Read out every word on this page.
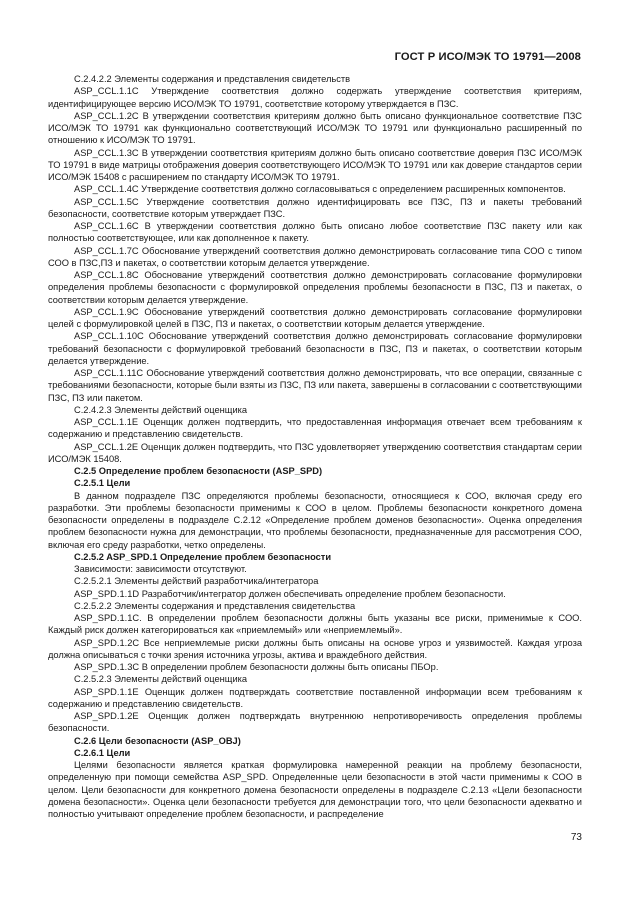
ГОСТ Р ИСО/МЭК ТО 19791—2008

C.2.4.2.2 Элементы содержания и представления свидетельств

ASP_CCL.1.1C Утверждение соответствия должно содержать утверждение соответствия критериям, идентифицирующее версию ИСО/МЭК ТО 19791, соответствие которому утверждается в ПЗС.

ASP_CCL.1.2C В утверждении соответствия критериям должно быть описано функциональное соответствие ПЗС ИСО/МЭК ТО 19791 как функционально соответствующий ИСО/МЭК ТО 19791 или функционально расширенный по отношению к ИСО/МЭК ТО 19791.

ASP_CCL.1.3C В утверждении соответствия критериям должно быть описано соответствие доверия ПЗС ИСО/МЭК ТО 19791 в виде матрицы отображения доверия соответствующего ИСО/МЭК ТО 19791 или как доверие стандартов серии ИСО/МЭК 15408 с расширением по стандарту ИСО/МЭК ТО 19791.

ASP_CCL.1.4C Утверждение соответствия должно согласовываться с определением расширенных компонентов.

ASP_CCL.1.5C Утверждение соответствия должно идентифицировать все ПЗС, ПЗ и пакеты требований безопасности, соответствие которым утверждает ПЗС.

ASP_CCL.1.6C В утверждении соответствия должно быть описано любое соответствие ПЗС пакету или как полностью соответствующее, или как дополненное к пакету.

ASP_CCL.1.7C Обоснование утверждений соответствия должно демонстрировать согласование типа СОО с типом СОО в ПЗС,ПЗ и пакетах, о соответствии которым делается утверждение.

ASP_CCL.1.8C Обоснование утверждений соответствия должно демонстрировать согласование формулировки определения проблемы безопасности с формулировкой определения проблемы безопасности в ПЗС, ПЗ и пакетах, о соответствии которым делается утверждение.

ASP_CCL.1.9C Обоснование утверждений соответствия должно демонстрировать согласование формулировки целей с формулировкой целей в ПЗС, ПЗ и пакетах, о соответствии которым делается утверждение.

ASP_CCL.1.10C Обоснование утверждений соответствия должно демонстрировать согласование формулировки требований безопасности с формулировкой требований безопасности в ПЗС, ПЗ и пакетах, о соответствии которым делается утверждение.

ASP_CCL.1.11C Обоснование утверждений соответствия должно демонстрировать, что все операции, связанные с требованиями безопасности, которые были взяты из ПЗС, ПЗ или пакета, завершены в согласовании с соответствующими ПЗС, ПЗ или пакетом.

C.2.4.2.3 Элементы действий оценщика

ASP_CCL.1.1E Оценщик должен подтвердить, что предоставленная информация отвечает всем требованиям к содержанию и представлению свидетельств.

ASP_CCL.1.2E Оценщик должен подтвердить, что ПЗС удовлетворяет утверждению соответствия стандартам серии ИСО/МЭК 15408.

C.2.5 Определение проблем безопасности (ASP_SPD)

C.2.5.1 Цели

В данном подразделе ПЗС определяются проблемы безопасности, относящиеся к СОО, включая среду его разработки. Эти проблемы безопасности применимы к СОО в целом. Проблемы безопасности конкретного домена безопасности определены в подразделе С.2.12 «Определение проблем доменов безопасности». Оценка определения проблем безопасности нужна для демонстрации, что проблемы безопасности, предназначенные для рассмотрения СОО, включая его среду разработки, четко определены.

C.2.5.2 ASP_SPD.1 Определение проблем безопасности

Зависимости: зависимости отсутствуют.

C.2.5.2.1 Элементы действий разработчика/интегратора

ASP_SPD.1.1D Разработчик/интегратор должен обеспечивать определение проблем безопасности.

C.2.5.2.2 Элементы содержания и представления свидетельства

ASP_SPD.1.1C. В определении проблем безопасности должны быть указаны все риски, применимые к СОО. Каждый риск должен категорироваться как «приемлемый» или «неприемлемый».

ASP_SPD.1.2C Все неприемлемые риски должны быть описаны на основе угроз и уязвимостей. Каждая угроза должна описываться с точки зрения источника угрозы, актива и враждебного действия.

ASP_SPD.1.3C В определении проблем безопасности должны быть описаны ПБОр.

C.2.5.2.3 Элементы действий оценщика

ASP_SPD.1.1E Оценщик должен подтверждать соответствие поставленной информации всем требованиям к содержанию и представлению свидетельств.

ASP_SPD.1.2E Оценщик должен подтверждать внутреннюю непротиворечивость определения проблемы безопасности.

C.2.6 Цели безопасности (ASP_OBJ)

C.2.6.1 Цели

Целями безопасности является краткая формулировка намеренной реакции на проблему безопасности, определенную при помощи семейства ASP_SPD. Определенные цели безопасности в этой части применимы к СОО в целом. Цели безопасности для конкретного домена безопасности определены в подразделе С.2.13 «Цели безопасности домена безопасности». Оценка цели безопасности требуется для демонстрации того, что цели безопасности адекватно и полностью учитывают определение проблем безопасности, и распределение

73
